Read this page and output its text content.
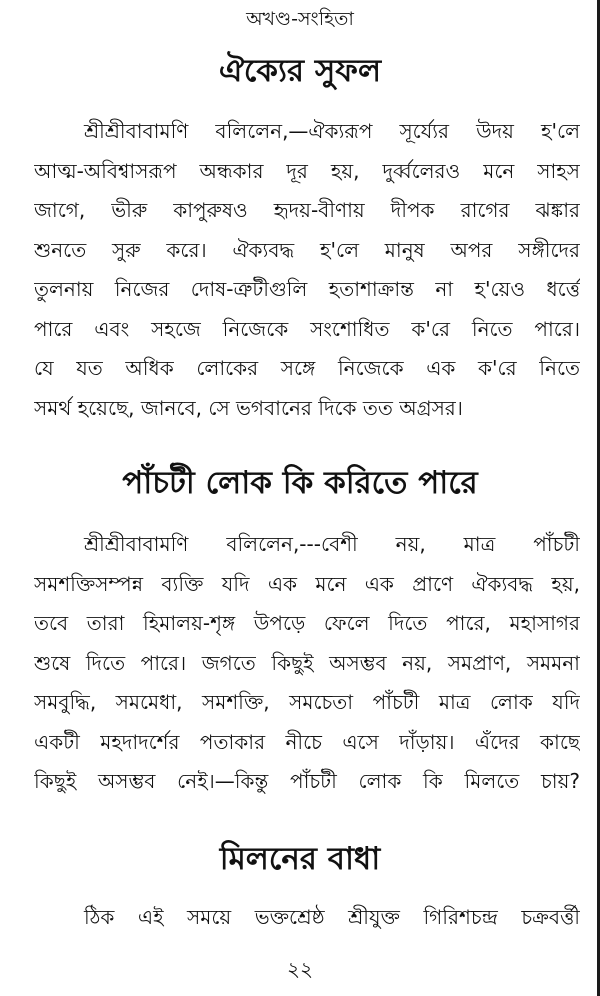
অখণ্ড-সংহিতা
ঐক্যের সুফল
শ্রীশ্রীবাবামণি বলিলেন,—ঐক্যরূপ সূর্য্যের উদয় হ'লে
আত্ম-অবিশ্বাসরূপ অন্ধকার দূর হয়, দুর্ব্বলেরও মনে সাহস
জাগে, ভীরু কাপুরুষও হৃদয়-বীণায় দীপক রাগের ঝঙ্কার
শুনতে সুরু করে। ঐক্যবদ্ধ হ'লে মানুষ অপর সঙ্গীদের
তুলনায় নিজের দোষ-ত্রুটীগুলি হতাশাক্রান্ত না হ'য়েও ধর্ত্তে
পারে এবং সহজে নিজেকে সংশোধিত ক'রে নিতে পারে।
যে যত অধিক লোকের সঙ্গে নিজেকে এক ক'রে নিতে
সমর্থ হয়েছে, জানবে, সে ভগবানের দিকে তত অগ্রসর।
পাঁচটী লোক কি করিতে পারে
শ্রীশ্রীবাবামণি বলিলেন,---বেশী নয়, মাত্র পাঁচটী
সমশক্তিসম্পন্ন ব্যক্তি যদি এক মনে এক প্রাণে ঐক্যবদ্ধ হয়,
তবে তারা হিমালয়-শৃঙ্গ উপড়ে ফেলে দিতে পারে, মহাসাগর
শুষে দিতে পারে। জগতে কিছুই অসম্ভব নয়, সমপ্রাণ, সমমনা
সমবুদ্ধি, সমমেধা, সমশক্তি, সমচেতা পাঁচটী মাত্র লোক যদি
একটী মহদাদর্শের পতাকার নীচে এসে দাঁড়ায়। এঁদের কাছে
কিছুই অসম্ভব নেই।—কিন্তু পাঁচটী লোক কি মিলতে চায়?
মিলনের বাধা
ঠিক এই সময়ে ভক্তশ্রেষ্ঠ শ্রীযুক্ত গিরিশচন্দ্র চক্রবর্ত্তী
২২
